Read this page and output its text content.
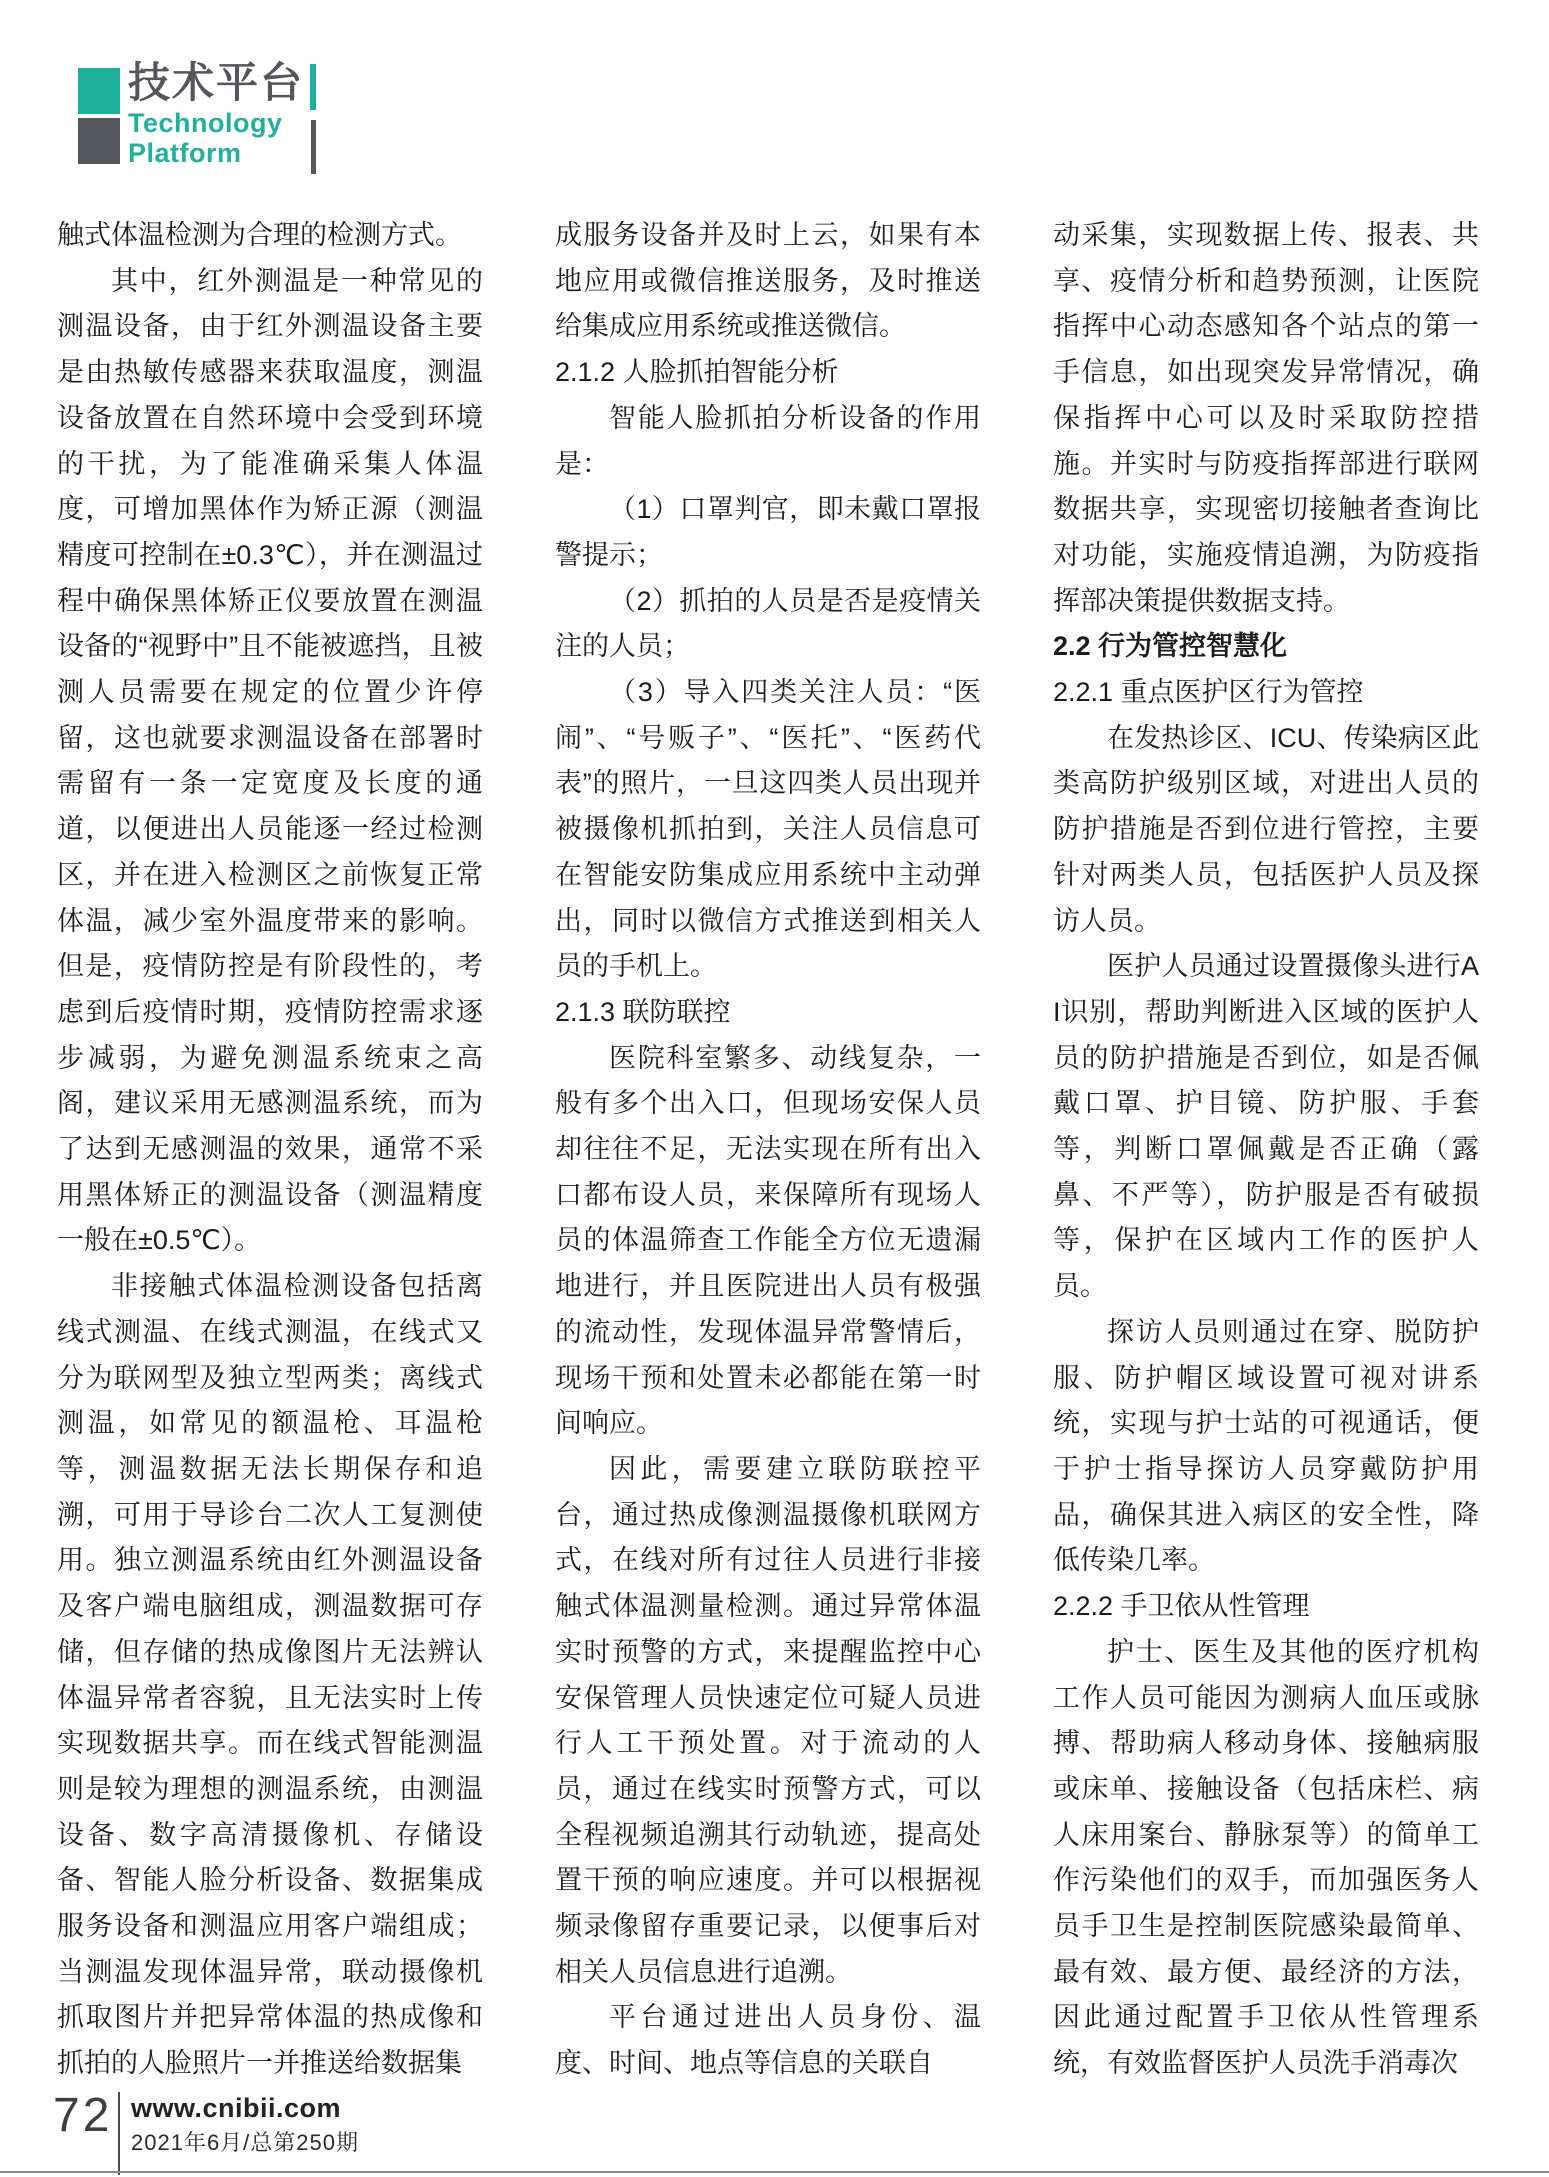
技术平台
Technology
Platform

触式体温检测为合理的检测方式。

其中，红外测温是一种常见的测温设备，由于红外测温设备主要是由热敏传感器来获取温度，测温设备放置在自然环境中会受到环境的干扰，为了能准确采集人体温度，可增加黑体作为矫正源（测温精度可控制在±0.3℃），并在测温过程中确保黑体矫正仪要放置在测温设备的“视野中”且不能被遮挡，且被测人员需要在规定的位置少许停留，这也就要求测温设备在部署时需留有一条一定宽度及长度的通道，以便进出人员能逐一经过检测区，并在进入检测区之前恢复正常体温，减少室外温度带来的影响。但是，疫情防控是有阶段性的，考虑到后疫情时期，疫情防控需求逐步减弱，为避免测温系统束之高阁，建议采用无感测温系统，而为了达到无感测温的效果，通常不采用黑体矫正的测温设备（测温精度一般在±0.5℃）。

非接触式体温检测设备包括离线式测温、在线式测温，在线式又分为联网型及独立型两类；离线式测温，如常见的额温枪、耳温枪等，测温数据无法长期保存和追溯，可用于导诊台二次人工复测使用。独立测温系统由红外测温设备及客户端电脑组成，测温数据可存储，但存储的热成像图片无法辨认体温异常者容貌，且无法实时上传实现数据共享。而在线式智能测温则是较为理想的测温系统，由测温设备、数字高清摄像机、存储设备、智能人脸分析设备、数据集成服务设备和测温应用客户端组成；当测温发现体温异常，联动摄像机抓取图片并把异常体温的热成像和抓拍的人脸照片一并推送给数据集

成服务设备并及时上云，如果有本地应用或微信推送服务，及时推送给集成应用系统或推送微信。

2.1.2 人脸抓拍智能分析

智能人脸抓拍分析设备的作用是：

（1）口罩判官，即未戴口罩报警提示；

（2）抓拍的人员是否是疫情关注的人员；

（3）导入四类关注人员：“医闹”、“号贩子”、“医托”、“医药代表”的照片，一旦这四类人员出现并被摄像机抓拍到，关注人员信息可在智能安防集成应用系统中主动弹出，同时以微信方式推送到相关人员的手机上。

2.1.3 联防联控

医院科室繁多、动线复杂，一般有多个出入口，但现场安保人员却往往不足，无法实现在所有出入口都布设人员，来保障所有现场人员的体温筛查工作能全方位无遗漏地进行，并且医院进出人员有极强的流动性，发现体温异常警情后，现场干预和处置未必都能在第一时间响应。

因此，需要建立联防联控平台，通过热成像测温摄像机联网方式，在线对所有过往人员进行非接触式体温测量检测。通过异常体温实时预警的方式，来提醒监控中心安保管理人员快速定位可疑人员进行人工干预处置。对于流动的人员，通过在线实时预警方式，可以全程视频追溯其行动轨迹，提高处置干预的响应速度。并可以根据视频录像留存重要记录，以便事后对相关人员信息进行追溯。

平台通过进出人员身份、温度、时间、地点等信息的关联自

动采集，实现数据上传、报表、共享、疫情分析和趋势预测，让医院指挥中心动态感知各个站点的第一手信息，如出现突发异常情况，确保指挥中心可以及时采取防控措施。并实时与防疫指挥部进行联网数据共享，实现密切接触者查询比对功能，实施疫情追溯，为防疫指挥部决策提供数据支持。

2.2 行为管控智慧化

2.2.1 重点医护区行为管控

在发热诊区、ICU、传染病区此类高防护级别区域，对进出人员的防护措施是否到位进行管控，主要针对两类人员，包括医护人员及探访人员。

医护人员通过设置摄像头进行AI识别，帮助判断进入区域的医护人员的防护措施是否到位，如是否佩戴口罩、护目镜、防护服、手套等，判断口罩佩戴是否正确（露鼻、不严等），防护服是否有破损等，保护在区域内工作的医护人员。

探访人员则通过在穿、脱防护服、防护帽区域设置可视对讲系统，实现与护士站的可视通话，便于护士指导探访人员穿戴防护用品，确保其进入病区的安全性，降低传染几率。

2.2.2 手卫依从性管理

护士、医生及其他的医疗机构工作人员可能因为测病人血压或脉搏、帮助病人移动身体、接触病服或床单、接触设备（包括床栏、病人床用案台、静脉泵等）的简单工作污染他们的双手，而加强医务人员手卫生是控制医院感染最简单、最有效、最方便、最经济的方法，因此通过配置手卫依从性管理系统，有效监督医护人员洗手消毒次

72 www.cnibii.com
2021年6月/总第250期
